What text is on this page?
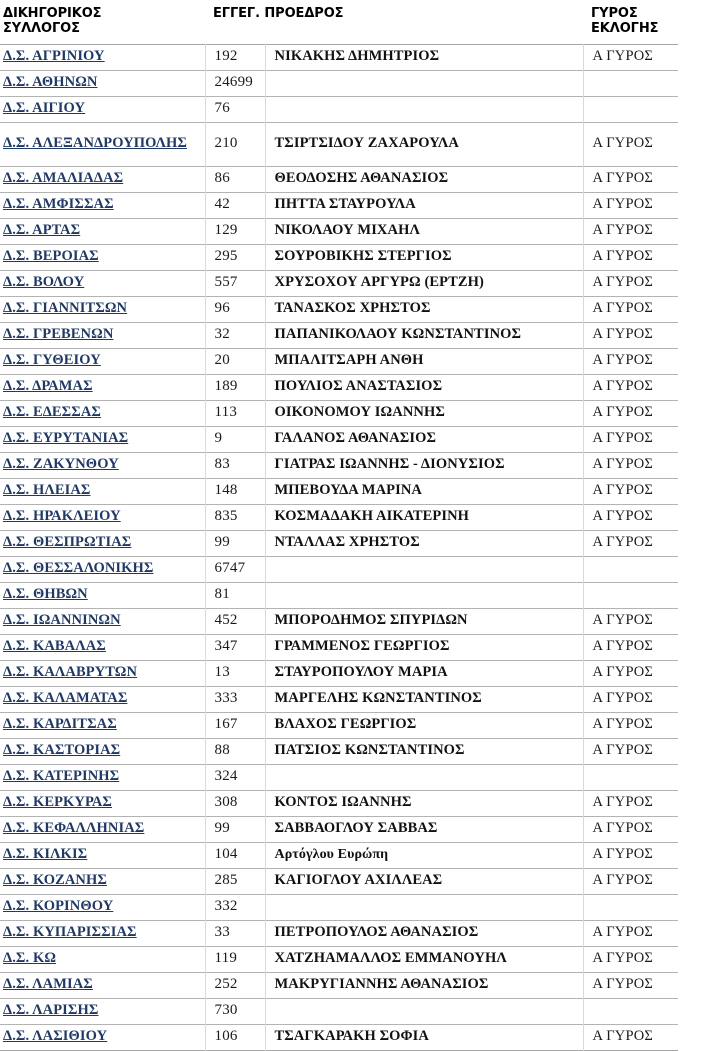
ΔΙΚΗΓΟΡΙΚΟΣ
ΣΥΛΛΟΓΟΣ	ΕΓΓΕΓ. ΠΡΟΕΔΡΟΣ		ΓΥΡΟΣ
ΕΚΛΟΓΗΣ
Δ.Σ. ΑΓΡΙΝΙΟΥ	192	ΝΙΚΑΚΗΣ ΔΗΜΗΤΡΙΟΣ	Α ΓΥΡΟΣ
Δ.Σ. ΑΘΗΝΩΝ	24699		
Δ.Σ. ΑΙΓΙΟΥ	76		
Δ.Σ. ΑΛΕΞΑΝΔΡΟΥΠΟΛΗΣ	210	ΤΣΙΡΤΣΙΔΟΥ ΖΑΧΑΡΟΥΛΑ	Α ΓΥΡΟΣ
Δ.Σ. ΑΜΑΛΙΑΔΑΣ	86	ΘΕΟΔΟΣΗΣ ΑΘΑΝΑΣΙΟΣ	Α ΓΥΡΟΣ
Δ.Σ. ΑΜΦΙΣΣΑΣ	42	ΠΗΤΤΑ ΣΤΑΥΡΟΥΛΑ	Α ΓΥΡΟΣ
Δ.Σ. ΑΡΤΑΣ	129	ΝΙΚΟΛΑΟΥ ΜΙΧΑΗΛ	Α ΓΥΡΟΣ
Δ.Σ. ΒΕΡΟΙΑΣ	295	ΣΟΥΡΟΒΙΚΗΣ ΣΤΕΡΓΙΟΣ	Α ΓΥΡΟΣ
Δ.Σ. ΒΟΛΟΥ	557	ΧΡΥΣΟΧΟΥ ΑΡΓΥΡΩ (ΕΡΤΖΗ)	Α ΓΥΡΟΣ
Δ.Σ. ΓΙΑΝΝΙΤΣΩΝ	96	ΤΑΝΑΣΚΟΣ ΧΡΗΣΤΟΣ	Α ΓΥΡΟΣ
Δ.Σ. ΓΡΕΒΕΝΩΝ	32	ΠΑΠΑΝΙΚΟΛΑΟΥ ΚΩΝΣΤΑΝΤΙΝΟΣ	Α ΓΥΡΟΣ
Δ.Σ. ΓΥΘΕΙΟΥ	20	ΜΠΑΛΙΤΣΑΡΗ ΑΝΘΗ	Α ΓΥΡΟΣ
Δ.Σ. ΔΡΑΜΑΣ	189	ΠΟΥΛΙΟΣ ΑΝΑΣΤΑΣΙΟΣ	Α ΓΥΡΟΣ
Δ.Σ. ΕΔΕΣΣΑΣ	113	ΟΙΚΟΝΟΜΟΥ ΙΩΑΝΝΗΣ	Α ΓΥΡΟΣ
Δ.Σ. ΕΥΡΥΤΑΝΙΑΣ	9	ΓΑΛΑΝΟΣ ΑΘΑΝΑΣΙΟΣ	Α ΓΥΡΟΣ
Δ.Σ. ΖΑΚΥΝΘΟΥ	83	ΓΙΑΤΡΑΣ ΙΩΑΝΝΗΣ - ΔΙΟΝΥΣΙΟΣ	Α ΓΥΡΟΣ
Δ.Σ. ΗΛΕΙΑΣ	148	ΜΠΕΒΟΥΔΑ ΜΑΡΙΝΑ	Α ΓΥΡΟΣ
Δ.Σ. ΗΡΑΚΛΕΙΟΥ	835	ΚΟΣΜΑΔΑΚΗ ΑΙΚΑΤΕΡΙΝΗ	Α ΓΥΡΟΣ
Δ.Σ. ΘΕΣΠΡΩΤΙΑΣ	99	ΝΤΑΛΛΑΣ ΧΡΗΣΤΟΣ	Α ΓΥΡΟΣ
Δ.Σ. ΘΕΣΣΑΛΟΝΙΚΗΣ	6747		
Δ.Σ. ΘΗΒΩΝ	81		
Δ.Σ. ΙΩΑΝΝΙΝΩΝ	452	ΜΠΟΡΟΔΗΜΟΣ ΣΠΥΡΙΔΩΝ	Α ΓΥΡΟΣ
Δ.Σ. ΚΑΒΑΛΑΣ	347	ΓΡΑΜΜΕΝΟΣ ΓΕΩΡΓΙΟΣ	Α ΓΥΡΟΣ
Δ.Σ. ΚΑΛΑΒΡΥΤΩΝ	13	ΣΤΑΥΡΟΠΟΥΛΟΥ ΜΑΡΙΑ	Α ΓΥΡΟΣ
Δ.Σ. ΚΑΛΑΜΑΤΑΣ	333	ΜΑΡΓΕΛΗΣ ΚΩΝΣΤΑΝΤΙΝΟΣ	Α ΓΥΡΟΣ
Δ.Σ. ΚΑΡΔΙΤΣΑΣ	167	ΒΛΑΧΟΣ ΓΕΩΡΓΙΟΣ	Α ΓΥΡΟΣ
Δ.Σ. ΚΑΣΤΟΡΙΑΣ	88	ΠΑΤΣΙΟΣ ΚΩΝΣΤΑΝΤΙΝΟΣ	Α ΓΥΡΟΣ
Δ.Σ. ΚΑΤΕΡΙΝΗΣ	324		
Δ.Σ. ΚΕΡΚΥΡΑΣ	308	ΚΟΝΤΟΣ ΙΩΑΝΝΗΣ	Α ΓΥΡΟΣ
Δ.Σ. ΚΕΦΑΛΛΗΝΙΑΣ	99	ΣΑΒΒΑΟΓΛΟΥ ΣΑΒΒΑΣ	Α ΓΥΡΟΣ
Δ.Σ. ΚΙΛΚΙΣ	104	Αρτόγλου Ευρώπη	Α ΓΥΡΟΣ
Δ.Σ. ΚΟΖΑΝΗΣ	285	ΚΑΓΙΟΓΛΟΥ ΑΧΙΛΛΕΑΣ	Α ΓΥΡΟΣ
Δ.Σ. ΚΟΡΙΝΘΟΥ	332		
Δ.Σ. ΚΥΠΑΡΙΣΣΙΑΣ	33	ΠΕΤΡΟΠΟΥΛΟΣ ΑΘΑΝΑΣΙΟΣ	Α ΓΥΡΟΣ
Δ.Σ. ΚΩ	119	ΧΑΤΖΗΑΜΑΛΛΟΣ ΕΜΜΑΝΟΥΗΛ	Α ΓΥΡΟΣ
Δ.Σ. ΛΑΜΙΑΣ	252	ΜΑΚΡΥΓΙΑΝΝΗΣ ΑΘΑΝΑΣΙΟΣ	Α ΓΥΡΟΣ
Δ.Σ. ΛΑΡΙΣΗΣ	730		
Δ.Σ. ΛΑΣΙΘΙΟΥ	106	ΤΣΑΓΚΑΡΑΚΗ ΣΟΦΙΑ	Α ΓΥΡΟΣ
